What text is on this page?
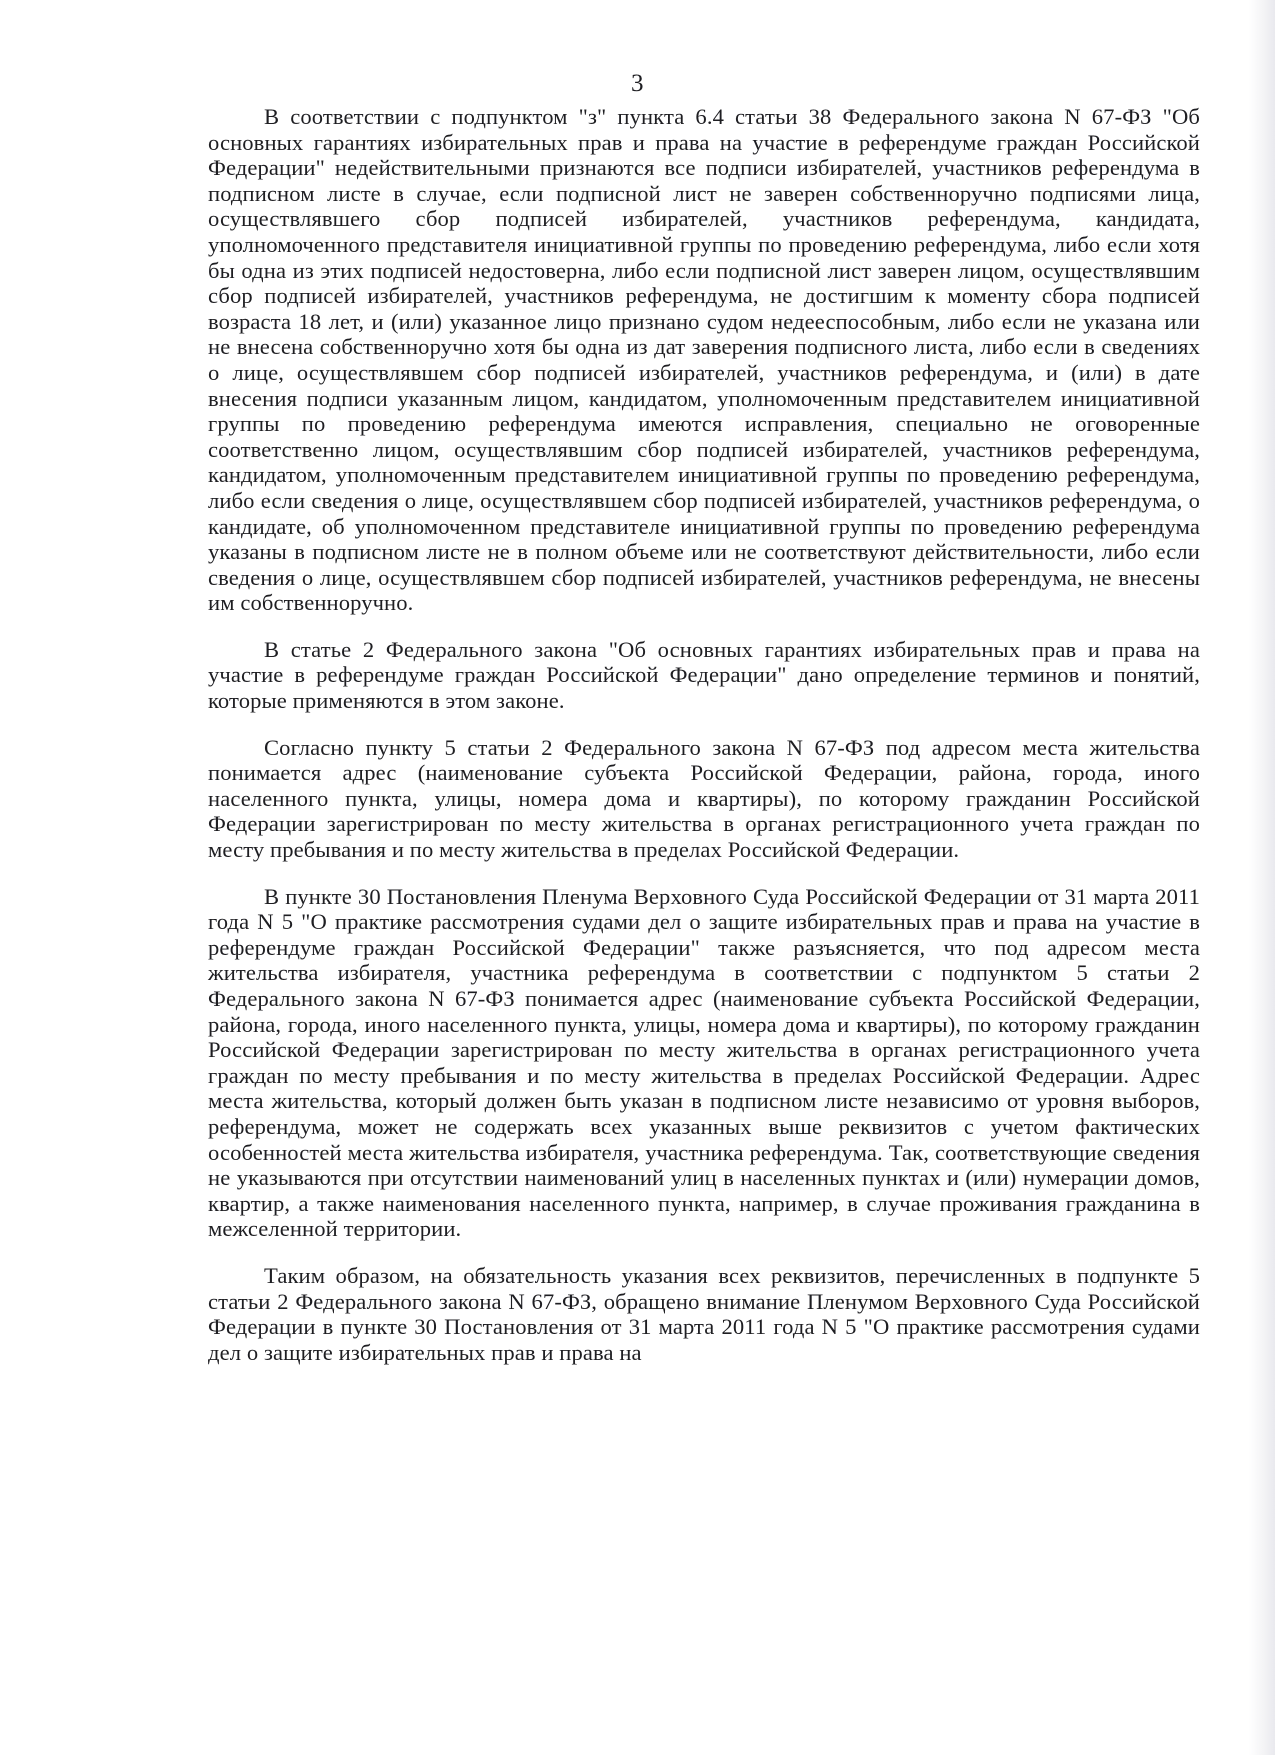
3

В соответствии с подпунктом "з" пункта 6.4 статьи 38 Федерального закона N 67-ФЗ "Об основных гарантиях избирательных прав и права на участие в референдуме граждан Российской Федерации" недействительными признаются все подписи избирателей, участников референдума в подписном листе в случае, если подписной лист не заверен собственноручно подписями лица, осуществлявшего сбор подписей избирателей, участников референдума, кандидата, уполномоченного представителя инициативной группы по проведению референдума, либо если хотя бы одна из этих подписей недостоверна, либо если подписной лист заверен лицом, осуществлявшим сбор подписей избирателей, участников референдума, не достигшим к моменту сбора подписей возраста 18 лет, и (или) указанное лицо признано судом недееспособным, либо если не указана или не внесена собственноручно хотя бы одна из дат заверения подписного листа, либо если в сведениях о лице, осуществлявшем сбор подписей избирателей, участников референдума, и (или) в дате внесения подписи указанным лицом, кандидатом, уполномоченным представителем инициативной группы по проведению референдума имеются исправления, специально не оговоренные соответственно лицом, осуществлявшим сбор подписей избирателей, участников референдума, кандидатом, уполномоченным представителем инициативной группы по проведению референдума, либо если сведения о лице, осуществлявшем сбор подписей избирателей, участников референдума, о кандидате, об уполномоченном представителе инициативной группы по проведению референдума указаны в подписном листе не в полном объеме или не соответствуют действительности, либо если сведения о лице, осуществлявшем сбор подписей избирателей, участников референдума, не внесены им собственноручно.

В статье 2 Федерального закона "Об основных гарантиях избирательных прав и права на участие в референдуме граждан Российской Федерации" дано определение терминов и понятий, которые применяются в этом законе.

Согласно пункту 5 статьи 2 Федерального закона N 67-ФЗ под адресом места жительства понимается адрес (наименование субъекта Российской Федерации, района, города, иного населенного пункта, улицы, номера дома и квартиры), по которому гражданин Российской Федерации зарегистрирован по месту жительства в органах регистрационного учета граждан по месту пребывания и по месту жительства в пределах Российской Федерации.

В пункте 30 Постановления Пленума Верховного Суда Российской Федерации от 31 марта 2011 года N 5 "О практике рассмотрения судами дел о защите избирательных прав и права на участие в референдуме граждан Российской Федерации" также разъясняется, что под адресом места жительства избирателя, участника референдума в соответствии с подпунктом 5 статьи 2 Федерального закона N 67-ФЗ понимается адрес (наименование субъекта Российской Федерации, района, города, иного населенного пункта, улицы, номера дома и квартиры), по которому гражданин Российской Федерации зарегистрирован по месту жительства в органах регистрационного учета граждан по месту пребывания и по месту жительства в пределах Российской Федерации. Адрес места жительства, который должен быть указан в подписном листе независимо от уровня выборов, референдума, может не содержать всех указанных выше реквизитов с учетом фактических особенностей места жительства избирателя, участника референдума. Так, соответствующие сведения не указываются при отсутствии наименований улиц в населенных пунктах и (или) нумерации домов, квартир, а также наименования населенного пункта, например, в случае проживания гражданина в межселенной территории.

Таким образом, на обязательность указания всех реквизитов, перечисленных в подпункте 5 статьи 2 Федерального закона N 67-ФЗ, обращено внимание Пленумом Верховного Суда Российской Федерации в пункте 30 Постановления от 31 марта 2011 года N 5 "О практике рассмотрения судами дел о защите избирательных прав и права на
